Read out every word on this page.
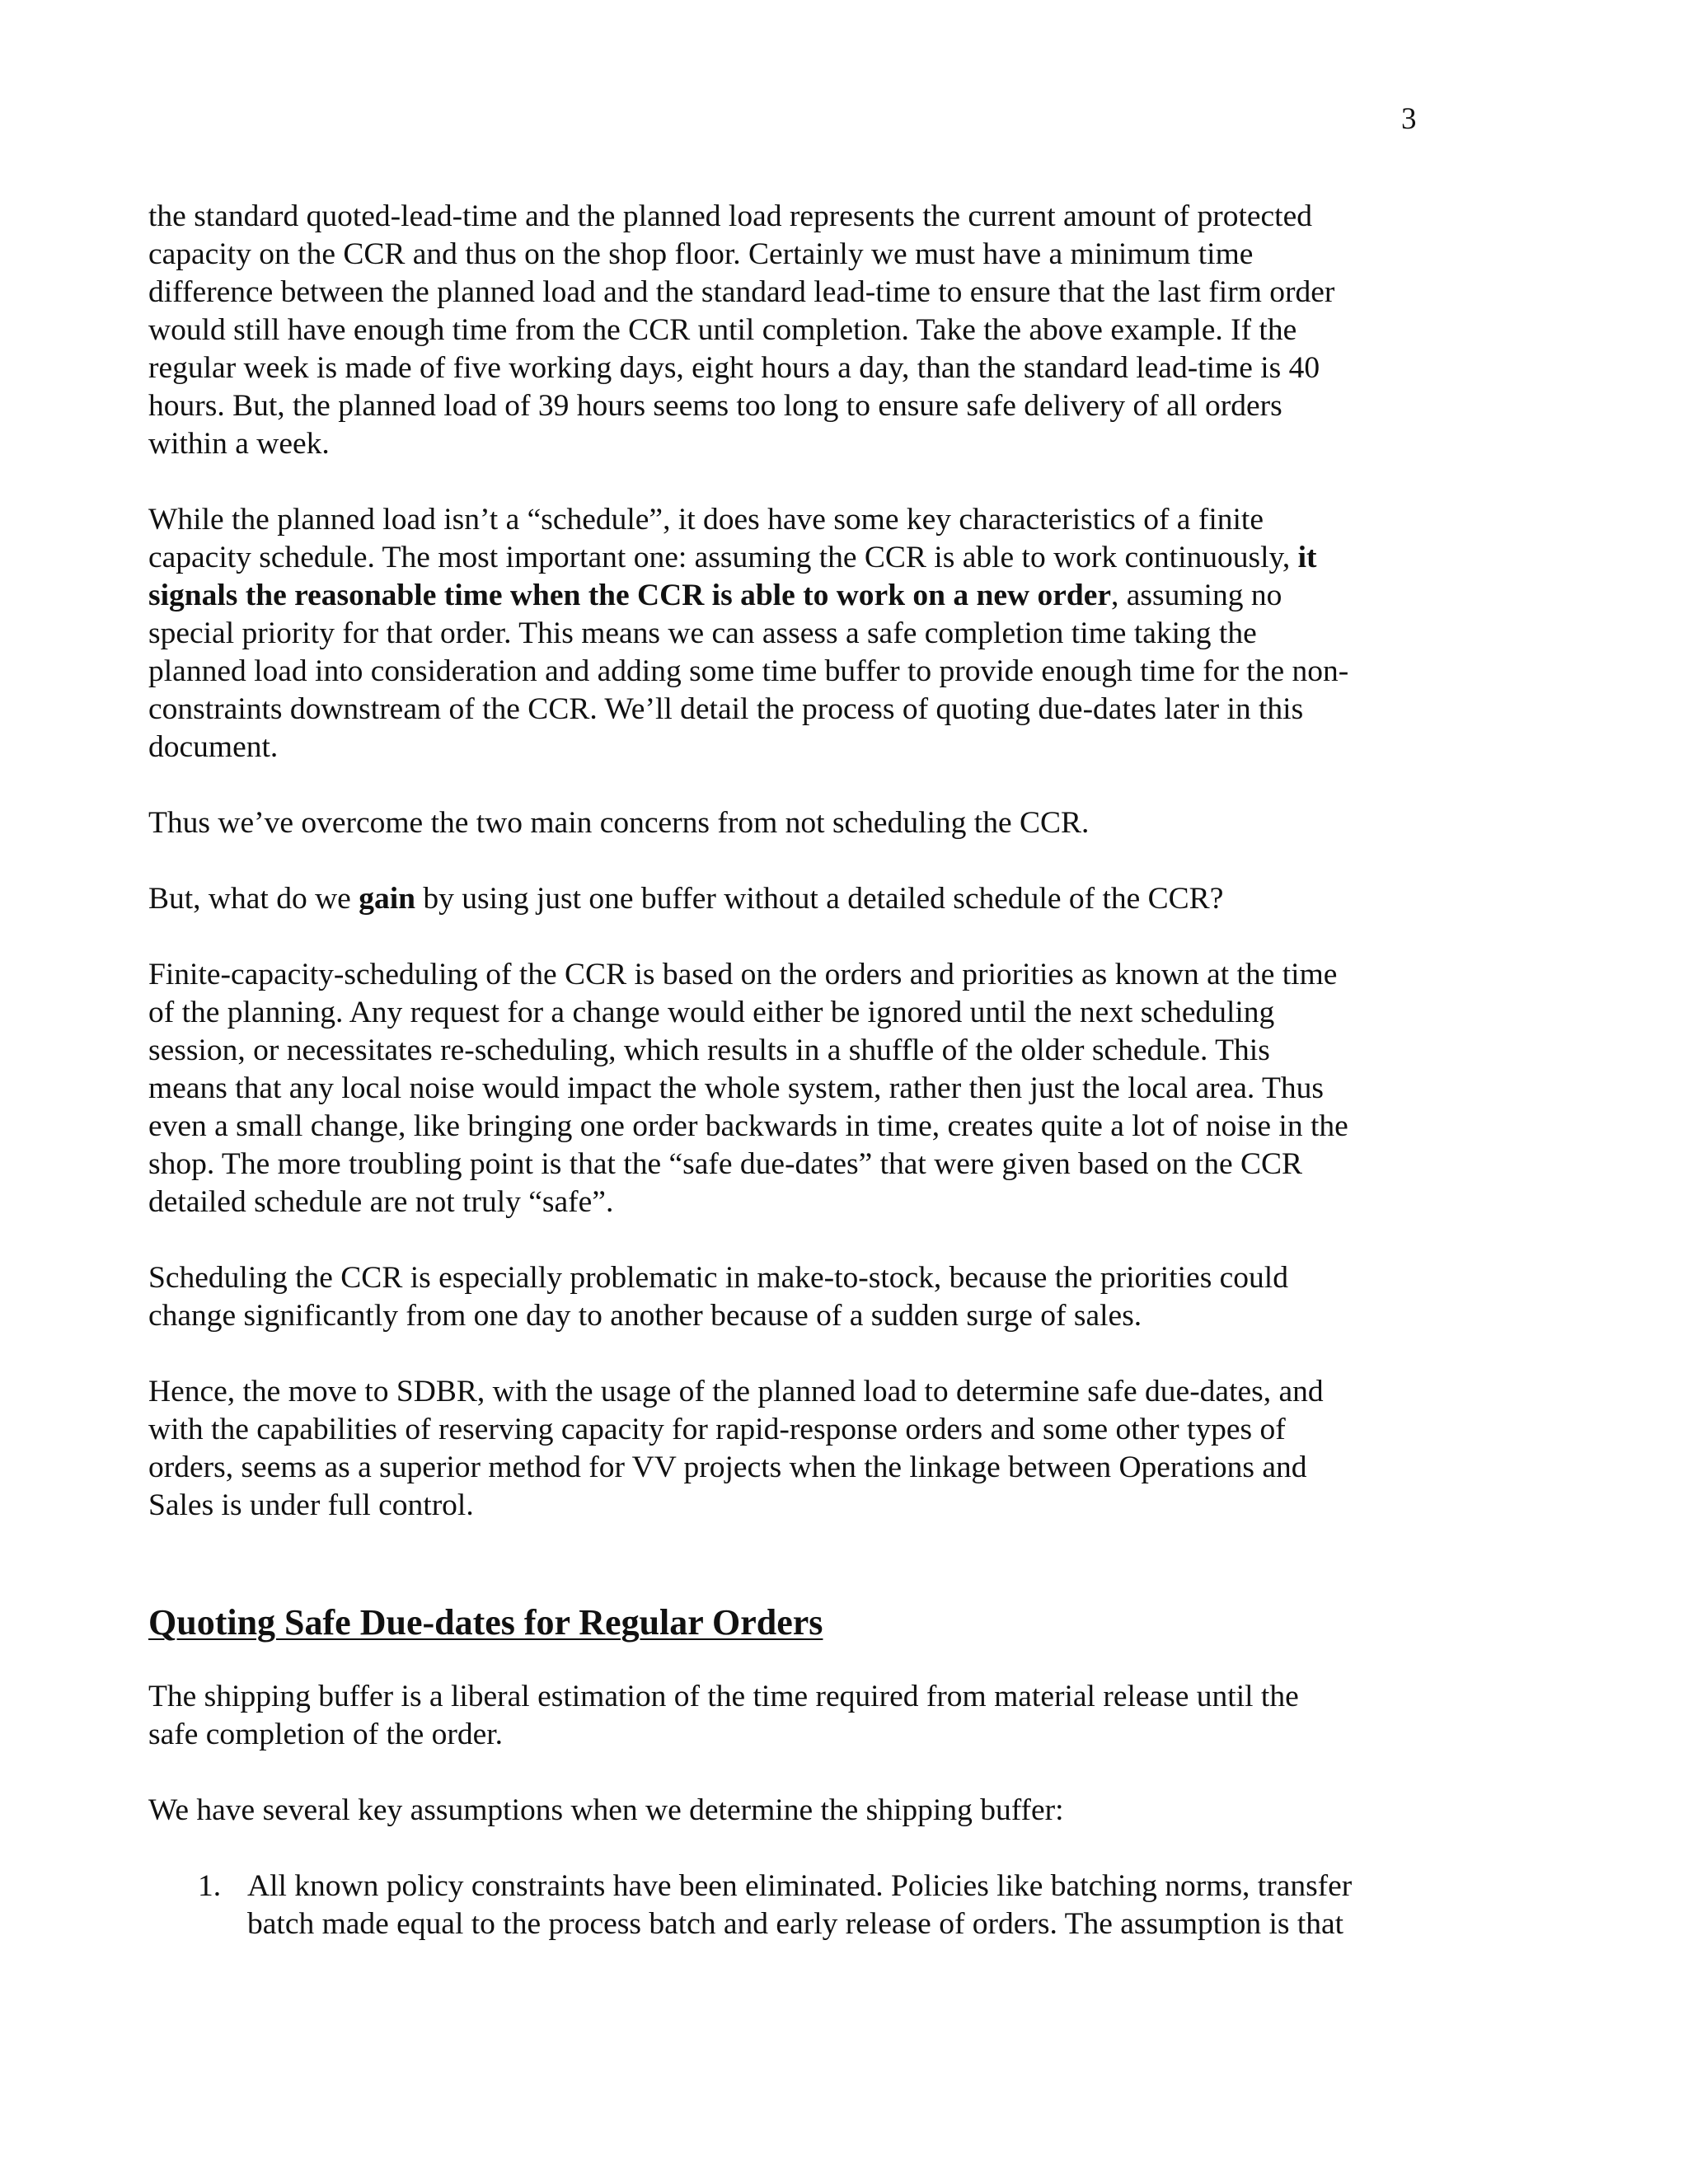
3

the standard quoted-lead-time and the planned load represents the current amount of protected
capacity on the CCR and thus on the shop floor. Certainly we must have a minimum time
difference between the planned load and the standard lead-time to ensure that the last firm order
would still have enough time from the CCR until completion. Take the above example. If the
regular week is made of five working days, eight hours a day, than the standard lead-time is 40
hours. But, the planned load of 39 hours seems too long to ensure safe delivery of all orders
within a week.

While the planned load isn’t a “schedule”, it does have some key characteristics of a finite
capacity schedule. The most important one: assuming the CCR is able to work continuously, it
signals the reasonable time when the CCR is able to work on a new order, assuming no
special priority for that order. This means we can assess a safe completion time taking the
planned load into consideration and adding some time buffer to provide enough time for the non-
constraints downstream of the CCR. We’ll detail the process of quoting due-dates later in this
document.

Thus we’ve overcome the two main concerns from not scheduling the CCR.

But, what do we gain by using just one buffer without a detailed schedule of the CCR?

Finite-capacity-scheduling of the CCR is based on the orders and priorities as known at the time
of the planning. Any request for a change would either be ignored until the next scheduling
session, or necessitates re-scheduling, which results in a shuffle of the older schedule. This
means that any local noise would impact the whole system, rather then just the local area. Thus
even a small change, like bringing one order backwards in time, creates quite a lot of noise in the
shop. The more troubling point is that the “safe due-dates” that were given based on the CCR
detailed schedule are not truly “safe”.

Scheduling the CCR is especially problematic in make-to-stock, because the priorities could
change significantly from one day to another because of a sudden surge of sales.

Hence, the move to SDBR, with the usage of the planned load to determine safe due-dates, and
with the capabilities of reserving capacity for rapid-response orders and some other types of
orders, seems as a superior method for VV projects when the linkage between Operations and
Sales is under full control.

Quoting Safe Due-dates for Regular Orders

The shipping buffer is a liberal estimation of the time required from material release until the
safe completion of the order.

We have several key assumptions when we determine the shipping buffer:

1. All known policy constraints have been eliminated. Policies like batching norms, transfer
batch made equal to the process batch and early release of orders. The assumption is that
